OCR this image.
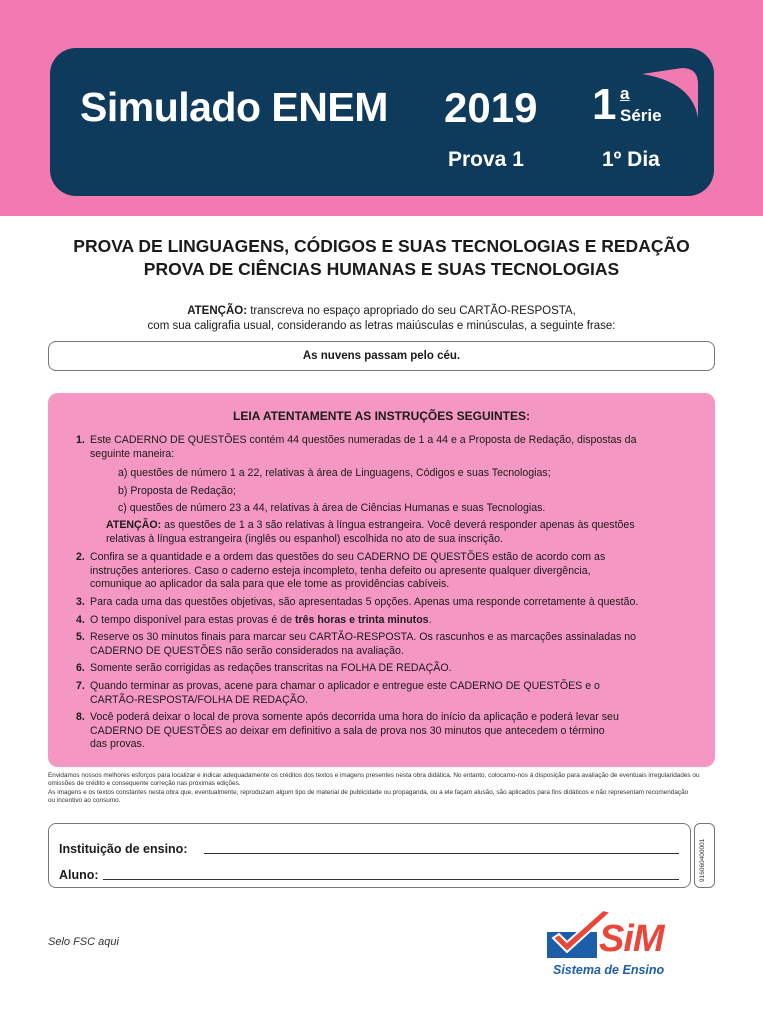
Simulado ENEM 2019 1 a
Série
Prova 1	1º Dia
PROVA DE LINGUAGENS, CÓDIGOS E SUAS TECNOLOGIAS E REDAÇÃO
PROVA DE CIÊNCIAS HUMANAS E SUAS TECNOLOGIAS
ATENÇÃO: transcreva no espaço apropriado do seu CARTÃO-RESPOSTA,
com sua caligrafia usual, considerando as letras maiúsculas e minúsculas, a seguinte frase:
As nuvens passam pelo céu.
LEIA ATENTAMENTE AS INSTRUÇÕES SEGUINTES:
1. Este CADERNO DE QUESTÕES contém 44 questões numeradas de 1 a 44 e a Proposta de Redação, dispostas da
seguinte maneira:
a) questões de número 1 a 22, relativas à área de Linguagens, Códigos e suas Tecnologias;
b) Proposta de Redação;
c) questões de número 23 a 44, relativas à área de Ciências Humanas e suas Tecnologias.
ATENÇÃO: as questões de 1 a 3 são relativas à língua estrangeira. Você deverá responder apenas às questões
relativas à língua estrangeira (inglês ou espanhol) escolhida no ato de sua inscrição.
2. Confira se a quantidade e a ordem das questões do seu CADERNO DE QUESTÕES estão de acordo com as
instruções anteriores. Caso o caderno esteja incompleto, tenha defeito ou apresente qualquer divergência,
comunique ao aplicador da sala para que ele tome as providências cabíveis.
3. Para cada uma das questões objetivas, são apresentadas 5 opções. Apenas uma responde corretamente à questão.
4. O tempo disponível para estas provas é de três horas e trinta minutos.
5. Reserve os 30 minutos finais para marcar seu CARTÃO-RESPOSTA. Os rascunhos e as marcações assinaladas no
CADERNO DE QUESTÕES não serão considerados na avaliação.
6. Somente serão corrigidas as redações transcritas na FOLHA DE REDAÇÃO.
7. Quando terminar as provas, acene para chamar o aplicador e entregue este CADERNO DE QUESTÕES e o
CARTÃO-RESPOSTA/FOLHA DE REDAÇÃO.
8. Você poderá deixar o local de prova somente após decorrida uma hora do início da aplicação e poderá levar seu
CADERNO DE QUESTÕES ao deixar em definitivo a sala de prova nos 30 minutos que antecedem o término
das provas.
Envidamos nossos melhores esforços para localizar e indicar adequadamente os créditos dos textos e imagens presentes nesta obra didática. No entanto, colocamo-nos à disposição para avaliação de eventuais irregularidades ou
omissões de crédito e consequente correção nas próximas edições.
As imagens e os textos constantes nesta obra que, eventualmente, reproduzam algum tipo de material de publicidade ou propaganda, ou a ele façam alusão, são aplicados para fins didáticos e não representam recomendação
ou incentivo ao consumo.
Instituição de ensino:
Aluno:	916060400001
Selo FSC aqui	SiM
Sistema de Ensino
